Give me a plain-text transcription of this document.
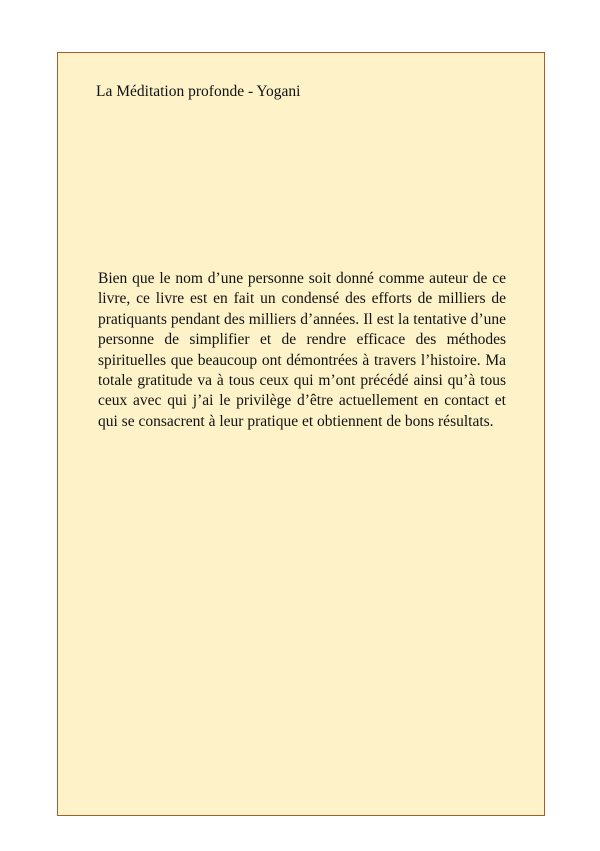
La Méditation profonde - Yogani

Bien que le nom d’une personne soit donné comme auteur de ce livre, ce livre est en fait un condensé des efforts de milliers de pratiquants pendant des milliers d’années. Il est la tentative d’une personne de simplifier et de rendre efficace des méthodes spirituelles que beaucoup ont démontrées à travers l’histoire. Ma totale gratitude va à tous ceux qui m’ont précédé ainsi qu’à tous ceux avec qui j’ai le privilège d’être actuellement en contact et qui se consacrent à leur pratique et obtiennent de bons résultats.
